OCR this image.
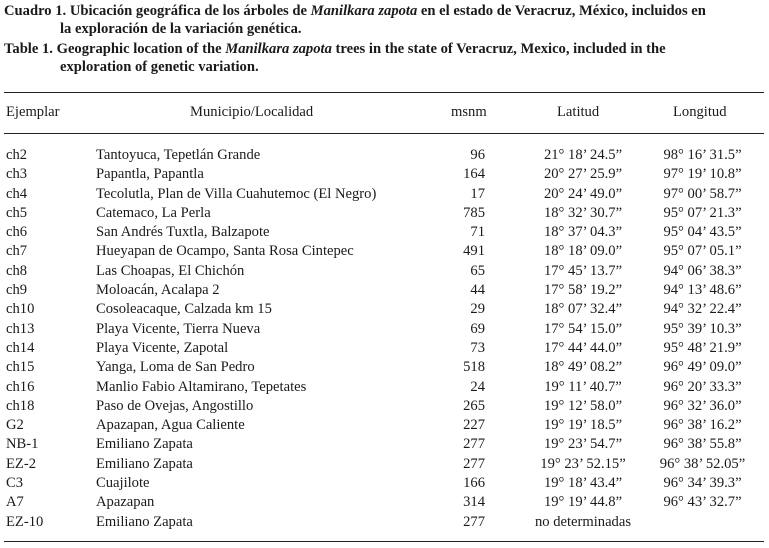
Cuadro 1. Ubicación geográfica de los árboles de Manilkara zapota en el estado de Veracruz, México, incluidos en
la exploración de la variación genética.
Table 1. Geographic location of the Manilkara zapota trees in the state of Veracruz, Mexico, included in the
exploration of genetic variation.
Ejemplar	Municipio/Localidad	msnm	Latitud	Longitud
ch2	Tantoyuca, Tepetlán Grande	96	21° 18’ 24.5”	98° 16’ 31.5”
ch3	Papantla, Papantla	164	20° 27’ 25.9”	97° 19’ 10.8”
ch4	Tecolutla, Plan de Villa Cuahutemoc (El Negro)	17	20° 24’ 49.0”	97° 00’ 58.7”
ch5	Catemaco, La Perla	785	18° 32’ 30.7”	95° 07’ 21.3”
ch6	San Andrés Tuxtla, Balzapote	71	18° 37’ 04.3”	95° 04’ 43.5”
ch7	Hueyapan de Ocampo, Santa Rosa Cintepec	491	18° 18’ 09.0”	95° 07’ 05.1”
ch8	Las Choapas, El Chichón	65	17° 45’ 13.7”	94° 06’ 38.3”
ch9	Moloacán, Acalapa 2	44	17° 58’ 19.2”	94° 13’ 48.6”
ch10	Cosoleacaque, Calzada km 15	29	18° 07’ 32.4”	94° 32’ 22.4”
ch13	Playa Vicente, Tierra Nueva	69	17° 54’ 15.0”	95° 39’ 10.3”
ch14	Playa Vicente, Zapotal	73	17° 44’ 44.0”	95° 48’ 21.9”
ch15	Yanga, Loma de San Pedro	518	18° 49’ 08.2”	96° 49’ 09.0”
ch16	Manlio Fabio Altamirano, Tepetates	24	19° 11’ 40.7”	96° 20’ 33.3”
ch18	Paso de Ovejas, Angostillo	265	19° 12’ 58.0”	96° 32’ 36.0”
G2	Apazapan, Agua Caliente	227	19° 19’ 18.5”	96° 38’ 16.2”
NB-1	Emiliano Zapata	277	19° 23’ 54.7”	96° 38’ 55.8”
EZ-2	Emiliano Zapata	277	19° 23’ 52.15”	96° 38’ 52.05”
C3	Cuajilote	166	19° 18’ 43.4”	96° 34’ 39.3”
A7	Apazapan	314	19° 19’ 44.8”	96° 43’ 32.7”
EZ-10	Emiliano Zapata	277	no determinadas
